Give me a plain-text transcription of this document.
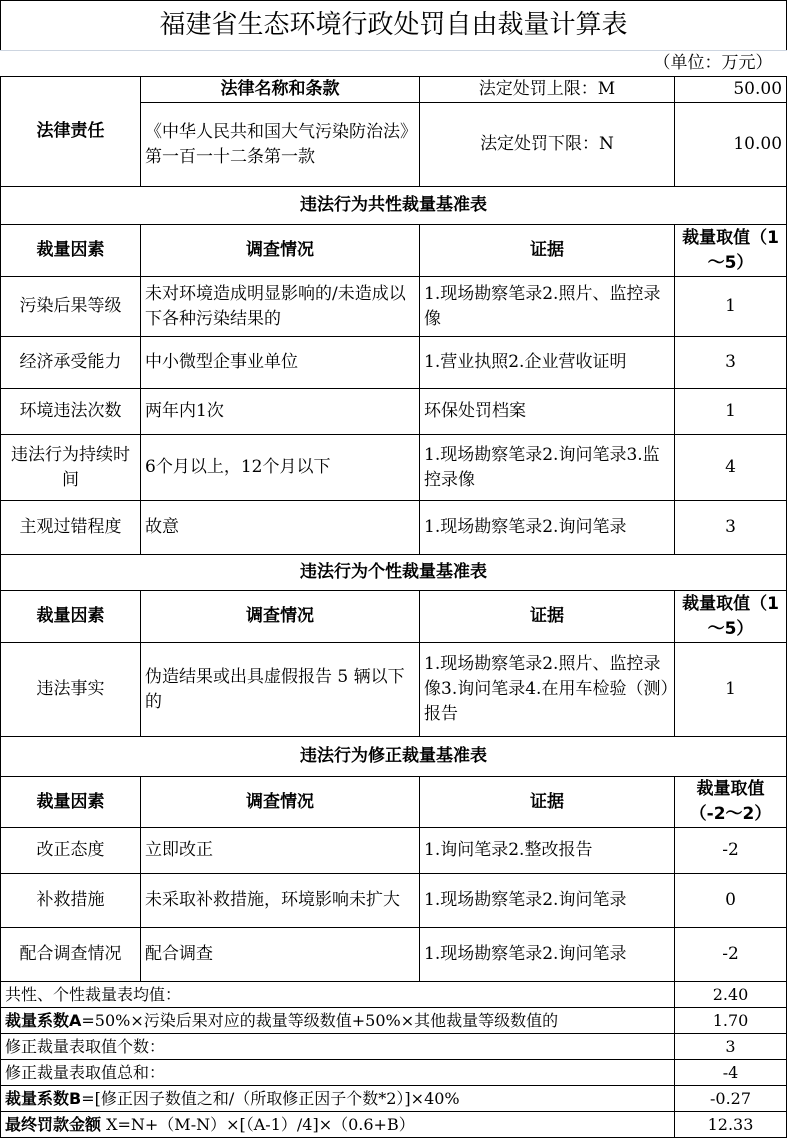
福建省生态环境行政处罚自由裁量计算表			
（单位：万元）			
法律责任	法律名称和条款	法定处罚上限：M	50.00
	《中华人民共和国大气污染防治法》第一百一十二条第一款	法定处罚下限：N	10.00
违法行为共性裁量基准表			
裁量因素	调查情况	证据	裁量取值（1～5）
污染后果等级	未对环境造成明显影响的/未造成以下各种污染结果的	1.现场勘察笔录2.照片、监控录像	1
经济承受能力	中小微型企事业单位	1.营业执照2.企业营收证明	3
环境违法次数	两年内1次	环保处罚档案	1
违法行为持续时间	6个月以上，12个月以下	1.现场勘察笔录2.询问笔录3.监控录像	4
主观过错程度	故意	1.现场勘察笔录2.询问笔录	3
违法行为个性裁量基准表			
裁量因素	调查情况	证据	裁量取值（1～5）
违法事实	伪造结果或出具虚假报告 5 辆以下的	1.现场勘察笔录2.照片、监控录像3.询问笔录4.在用车检验（测）报告	1
违法行为修正裁量基准表			
裁量因素	调查情况	证据	裁量取值（-2～2）
改正态度	立即改正	1.询问笔录2.整改报告	-2
补救措施	未采取补救措施，环境影响未扩大	1.现场勘察笔录2.询问笔录	0
配合调查情况	配合调查	1.现场勘察笔录2.询问笔录	-2
共性、个性裁量表均值：			2.40
裁量系数A=50%×污染后果对应的裁量等级数值+50%×其他裁量等级数值的			1.70
修正裁量表取值个数：			3
修正裁量表取值总和：			-4
裁量系数B=[修正因子数值之和/（所取修正因子个数*2）]×40%			-0.27
最终罚款金额 X=N+（M-N）×[（A-1）/4]×（0.6+B）			12.33
